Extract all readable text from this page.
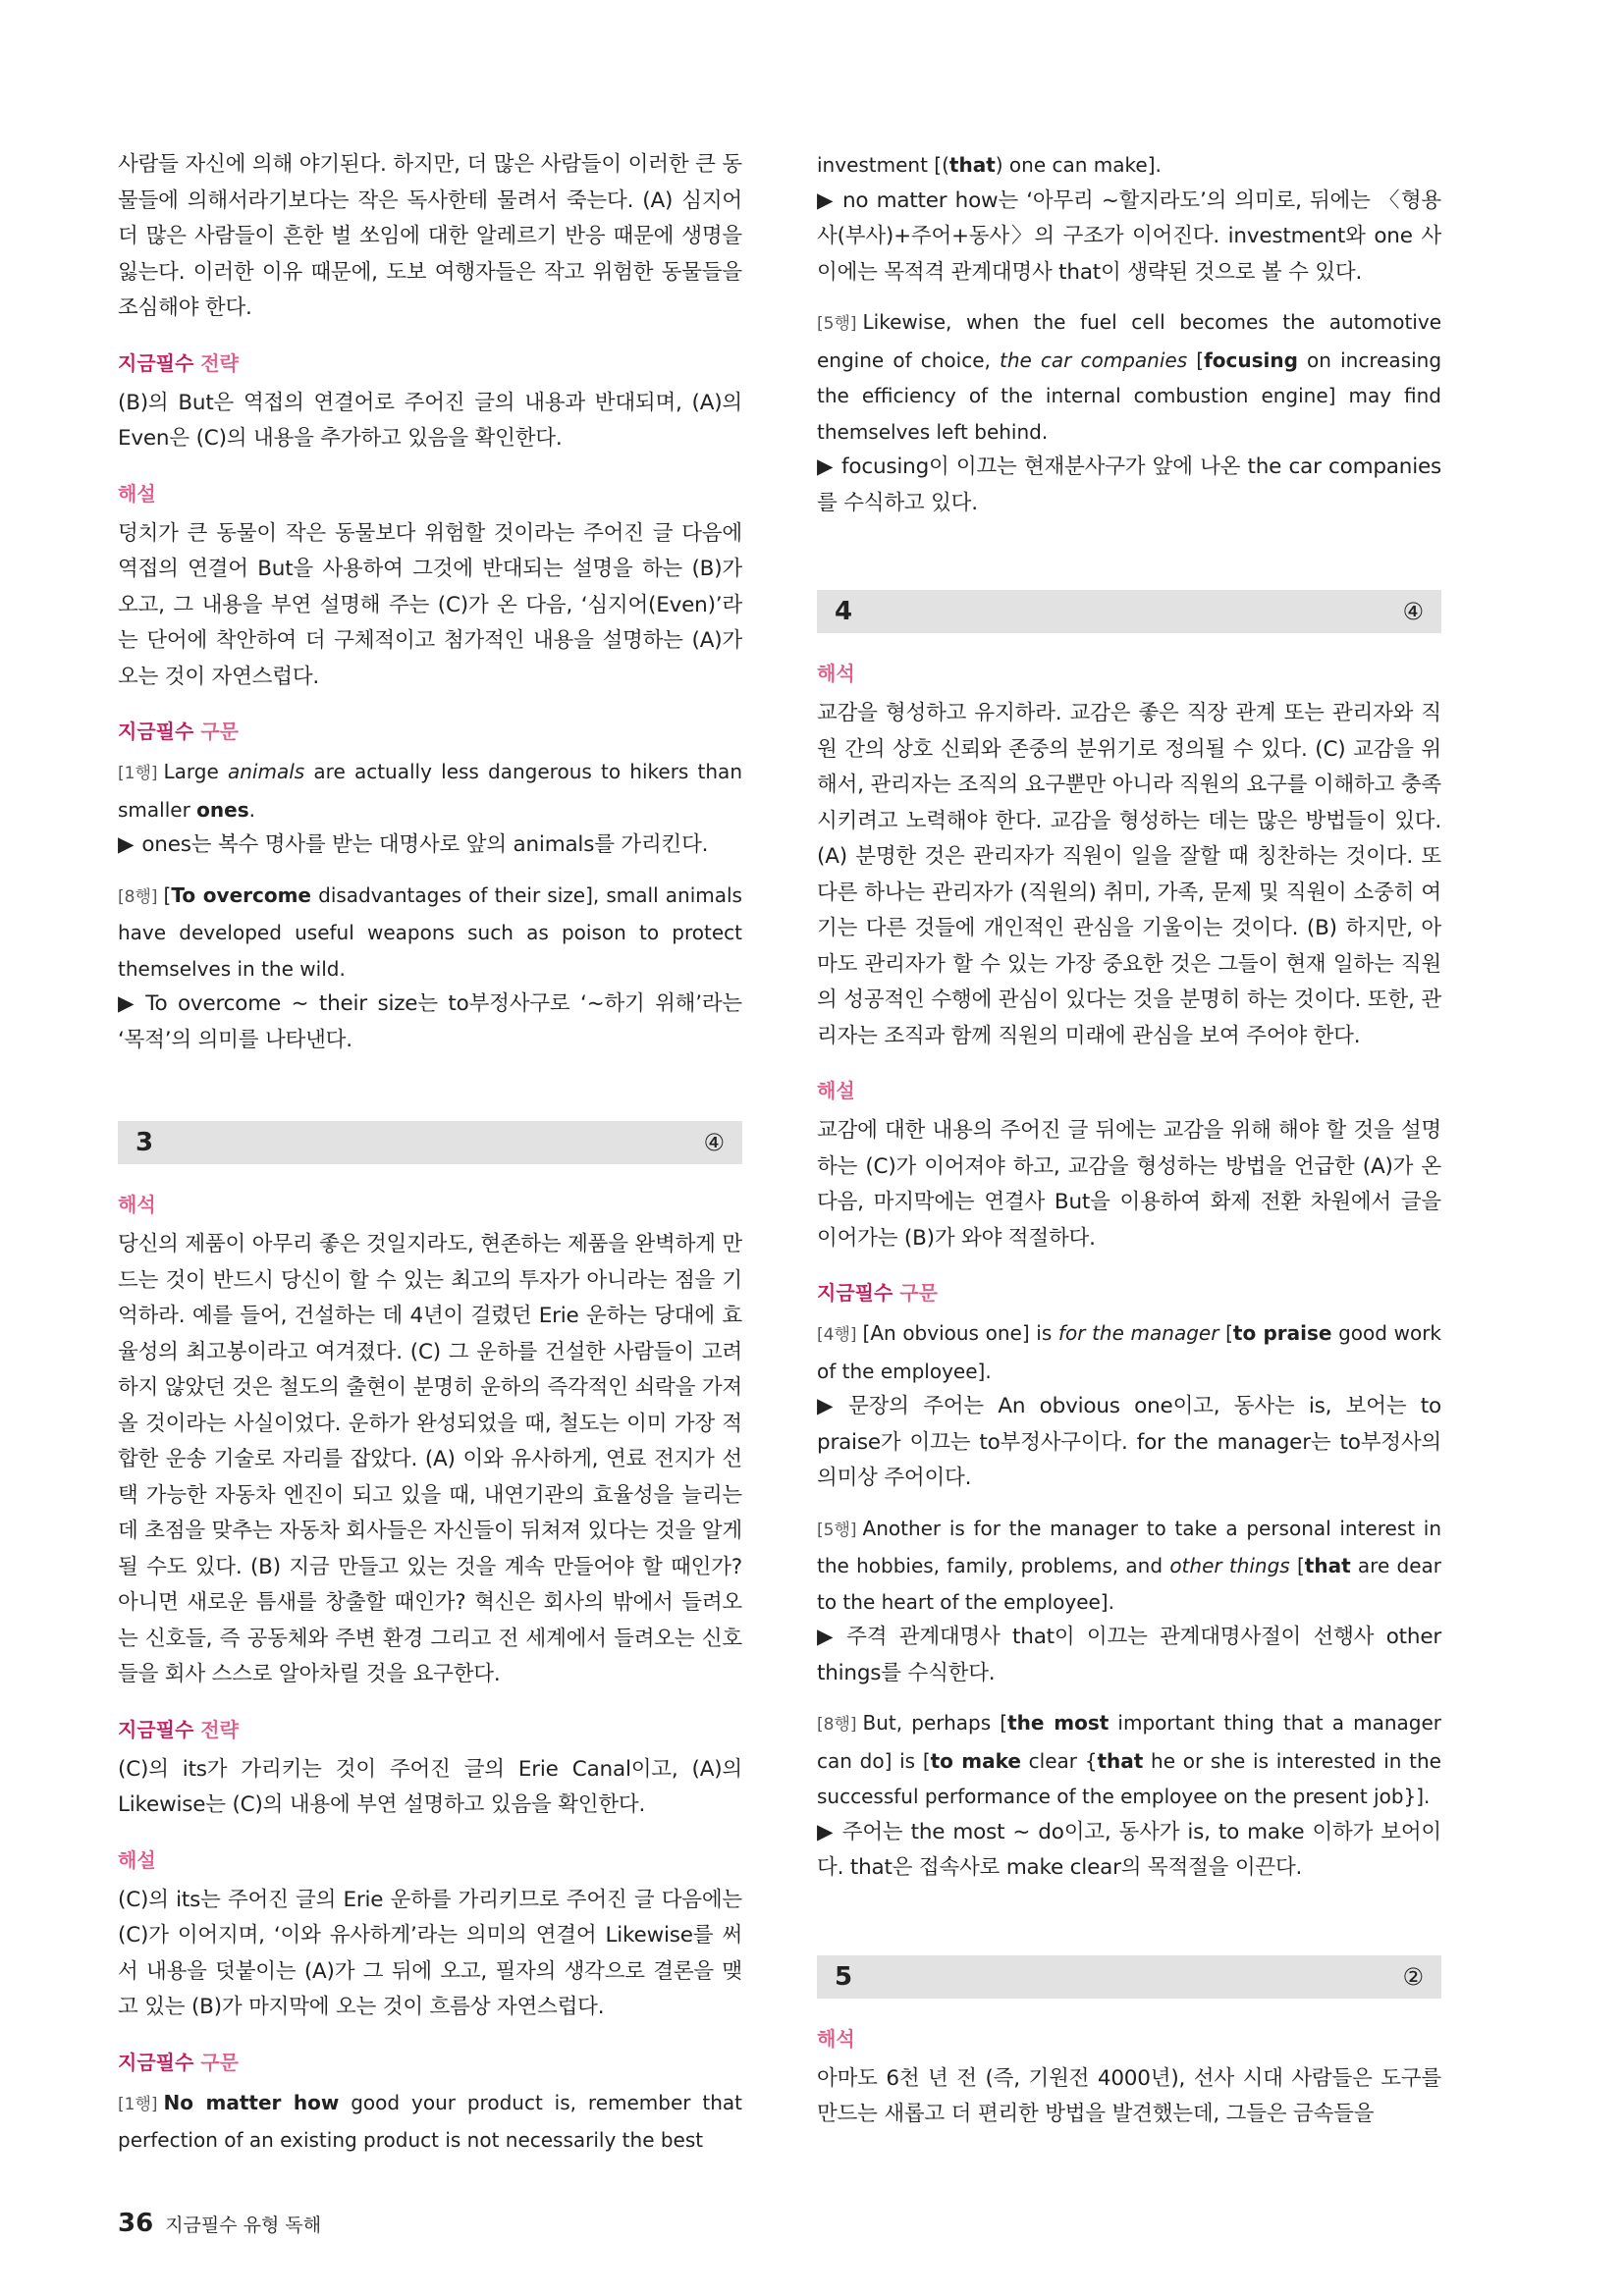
사람들 자신에 의해 야기된다. 하지만, 더 많은 사람들이 이러한 큰 동물들에 의해서라기보다는 작은 독사한테 물려서 죽는다. (A) 심지어 더 많은 사람들이 흔한 벌 쏘임에 대한 알레르기 반응 때문에 생명을 잃는다. 이러한 이유 때문에, 도보 여행자들은 작고 위험한 동물들을 조심해야 한다.

지금필수 전략

(B)의 But은 역접의 연결어로 주어진 글의 내용과 반대되며, (A)의 Even은 (C)의 내용을 추가하고 있음을 확인한다.

해설

덩치가 큰 동물이 작은 동물보다 위험할 것이라는 주어진 글 다음에 역접의 연결어 But을 사용하여 그것에 반대되는 설명을 하는 (B)가 오고, 그 내용을 부연 설명해 주는 (C)가 온 다음, ‘심지어(Even)’라는 단어에 착안하여 더 구체적이고 첨가적인 내용을 설명하는 (A)가 오는 것이 자연스럽다.

지금필수 구문

[1행] Large animals are actually less dangerous to hikers than smaller ones.

▶ ones는 복수 명사를 받는 대명사로 앞의 animals를 가리킨다.

[8행] [To overcome disadvantages of their size], small animals have developed useful weapons such as poison to protect themselves in the wild.

▶ To overcome ~ their size는 to부정사구로 ‘~하기 위해’라는 ‘목적’의 의미를 나타낸다.

3	④
해석

당신의 제품이 아무리 좋은 것일지라도, 현존하는 제품을 완벽하게 만드는 것이 반드시 당신이 할 수 있는 최고의 투자가 아니라는 점을 기억하라. 예를 들어, 건설하는 데 4년이 걸렸던 Erie 운하는 당대에 효율성의 최고봉이라고 여겨졌다. (C) 그 운하를 건설한 사람들이 고려하지 않았던 것은 철도의 출현이 분명히 운하의 즉각적인 쇠락을 가져올 것이라는 사실이었다. 운하가 완성되었을 때, 철도는 이미 가장 적합한 운송 기술로 자리를 잡았다. (A) 이와 유사하게, 연료 전지가 선택 가능한 자동차 엔진이 되고 있을 때, 내연기관의 효율성을 늘리는 데 초점을 맞추는 자동차 회사들은 자신들이 뒤쳐져 있다는 것을 알게 될 수도 있다. (B) 지금 만들고 있는 것을 계속 만들어야 할 때인가? 아니면 새로운 틈새를 창출할 때인가? 혁신은 회사의 밖에서 들려오는 신호들, 즉 공동체와 주변 환경 그리고 전 세계에서 들려오는 신호들을 회사 스스로 알아차릴 것을 요구한다.

지금필수 전략

(C)의 its가 가리키는 것이 주어진 글의 Erie Canal이고, (A)의 Likewise는 (C)의 내용에 부연 설명하고 있음을 확인한다.

해설

(C)의 its는 주어진 글의 Erie 운하를 가리키므로 주어진 글 다음에는 (C)가 이어지며, ‘이와 유사하게’라는 의미의 연결어 Likewise를 써서 내용을 덧붙이는 (A)가 그 뒤에 오고, 필자의 생각으로 결론을 맺고 있는 (B)가 마지막에 오는 것이 흐름상 자연스럽다.

지금필수 구문

[1행] No matter how good your product is, remember that perfection of an existing product is not necessarily the best

investment [(that) one can make].

▶ no matter how는 ‘아무리 ~할지라도’의 의미로, 뒤에는 〈형용사(부사)+주어+동사〉의 구조가 이어진다. investment와 one 사이에는 목적격 관계대명사 that이 생략된 것으로 볼 수 있다.

[5행] Likewise, when the fuel cell becomes the automotive engine of choice, the car companies [focusing on increasing the efficiency of the internal combustion engine] may find themselves left behind.

▶ focusing이 이끄는 현재분사구가 앞에 나온 the car companies를 수식하고 있다.

4	④
해석

교감을 형성하고 유지하라. 교감은 좋은 직장 관계 또는 관리자와 직원 간의 상호 신뢰와 존중의 분위기로 정의될 수 있다. (C) 교감을 위해서, 관리자는 조직의 요구뿐만 아니라 직원의 요구를 이해하고 충족시키려고 노력해야 한다. 교감을 형성하는 데는 많은 방법들이 있다. (A) 분명한 것은 관리자가 직원이 일을 잘할 때 칭찬하는 것이다. 또 다른 하나는 관리자가 (직원의) 취미, 가족, 문제 및 직원이 소중히 여기는 다른 것들에 개인적인 관심을 기울이는 것이다. (B) 하지만, 아마도 관리자가 할 수 있는 가장 중요한 것은 그들이 현재 일하는 직원의 성공적인 수행에 관심이 있다는 것을 분명히 하는 것이다. 또한, 관리자는 조직과 함께 직원의 미래에 관심을 보여 주어야 한다.

해설

교감에 대한 내용의 주어진 글 뒤에는 교감을 위해 해야 할 것을 설명하는 (C)가 이어져야 하고, 교감을 형성하는 방법을 언급한 (A)가 온 다음, 마지막에는 연결사 But을 이용하여 화제 전환 차원에서 글을 이어가는 (B)가 와야 적절하다.

지금필수 구문

[4행] [An obvious one] is for the manager [to praise good work of the employee].

▶ 문장의 주어는 An obvious one이고, 동사는 is, 보어는 to praise가 이끄는 to부정사구이다. for the manager는 to부정사의 의미상 주어이다.

[5행] Another is for the manager to take a personal interest in the hobbies, family, problems, and other things [that are dear to the heart of the employee].

▶ 주격 관계대명사 that이 이끄는 관계대명사절이 선행사 other things를 수식한다.

[8행] But, perhaps [the most important thing that a manager can do] is [to make clear {that he or she is interested in the successful performance of the employee on the present job}].

▶ 주어는 the most ~ do이고, 동사가 is, to make 이하가 보어이다. that은 접속사로 make clear의 목적절을 이끈다.

5	②
해석

아마도 6천 년 전 (즉, 기원전 4000년), 선사 시대 사람들은 도구를 만드는 새롭고 더 편리한 방법을 발견했는데, 그들은 금속들을

36 지금필수 유형 독해
